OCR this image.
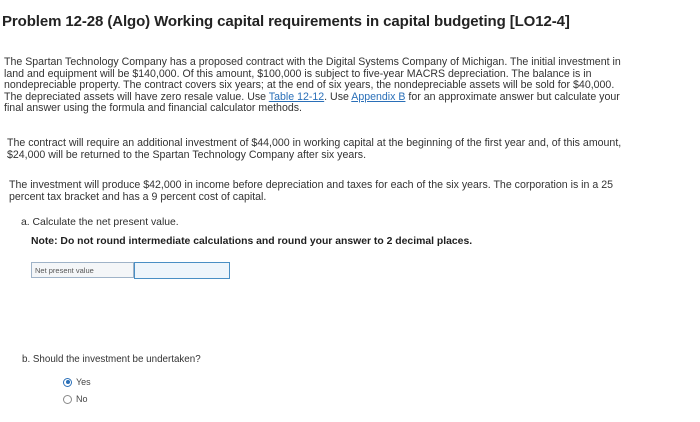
Problem 12-28 (Algo) Working capital requirements in capital budgeting [LO12-4]
The Spartan Technology Company has a proposed contract with the Digital Systems Company of Michigan. The initial investment in
land and equipment will be $140,000. Of this amount, $100,000 is subject to five-year MACRS depreciation. The balance is in
nondepreciable property. The contract covers six years; at the end of six years, the nondepreciable assets will be sold for $40,000.
The depreciated assets will have zero resale value. Use Table 12-12. Use Appendix B for an approximate answer but calculate your
final answer using the formula and financial calculator methods.
The contract will require an additional investment of $44,000 in working capital at the beginning of the first year and, of this amount,
$24,000 will be returned to the Spartan Technology Company after six years.
The investment will produce $42,000 in income before depreciation and taxes for each of the six years. The corporation is in a 25
percent tax bracket and has a 9 percent cost of capital.
a. Calculate the net present value.
Note: Do not round intermediate calculations and round your answer to 2 decimal places.
Net present value
b. Should the investment be undertaken?
Yes
No
